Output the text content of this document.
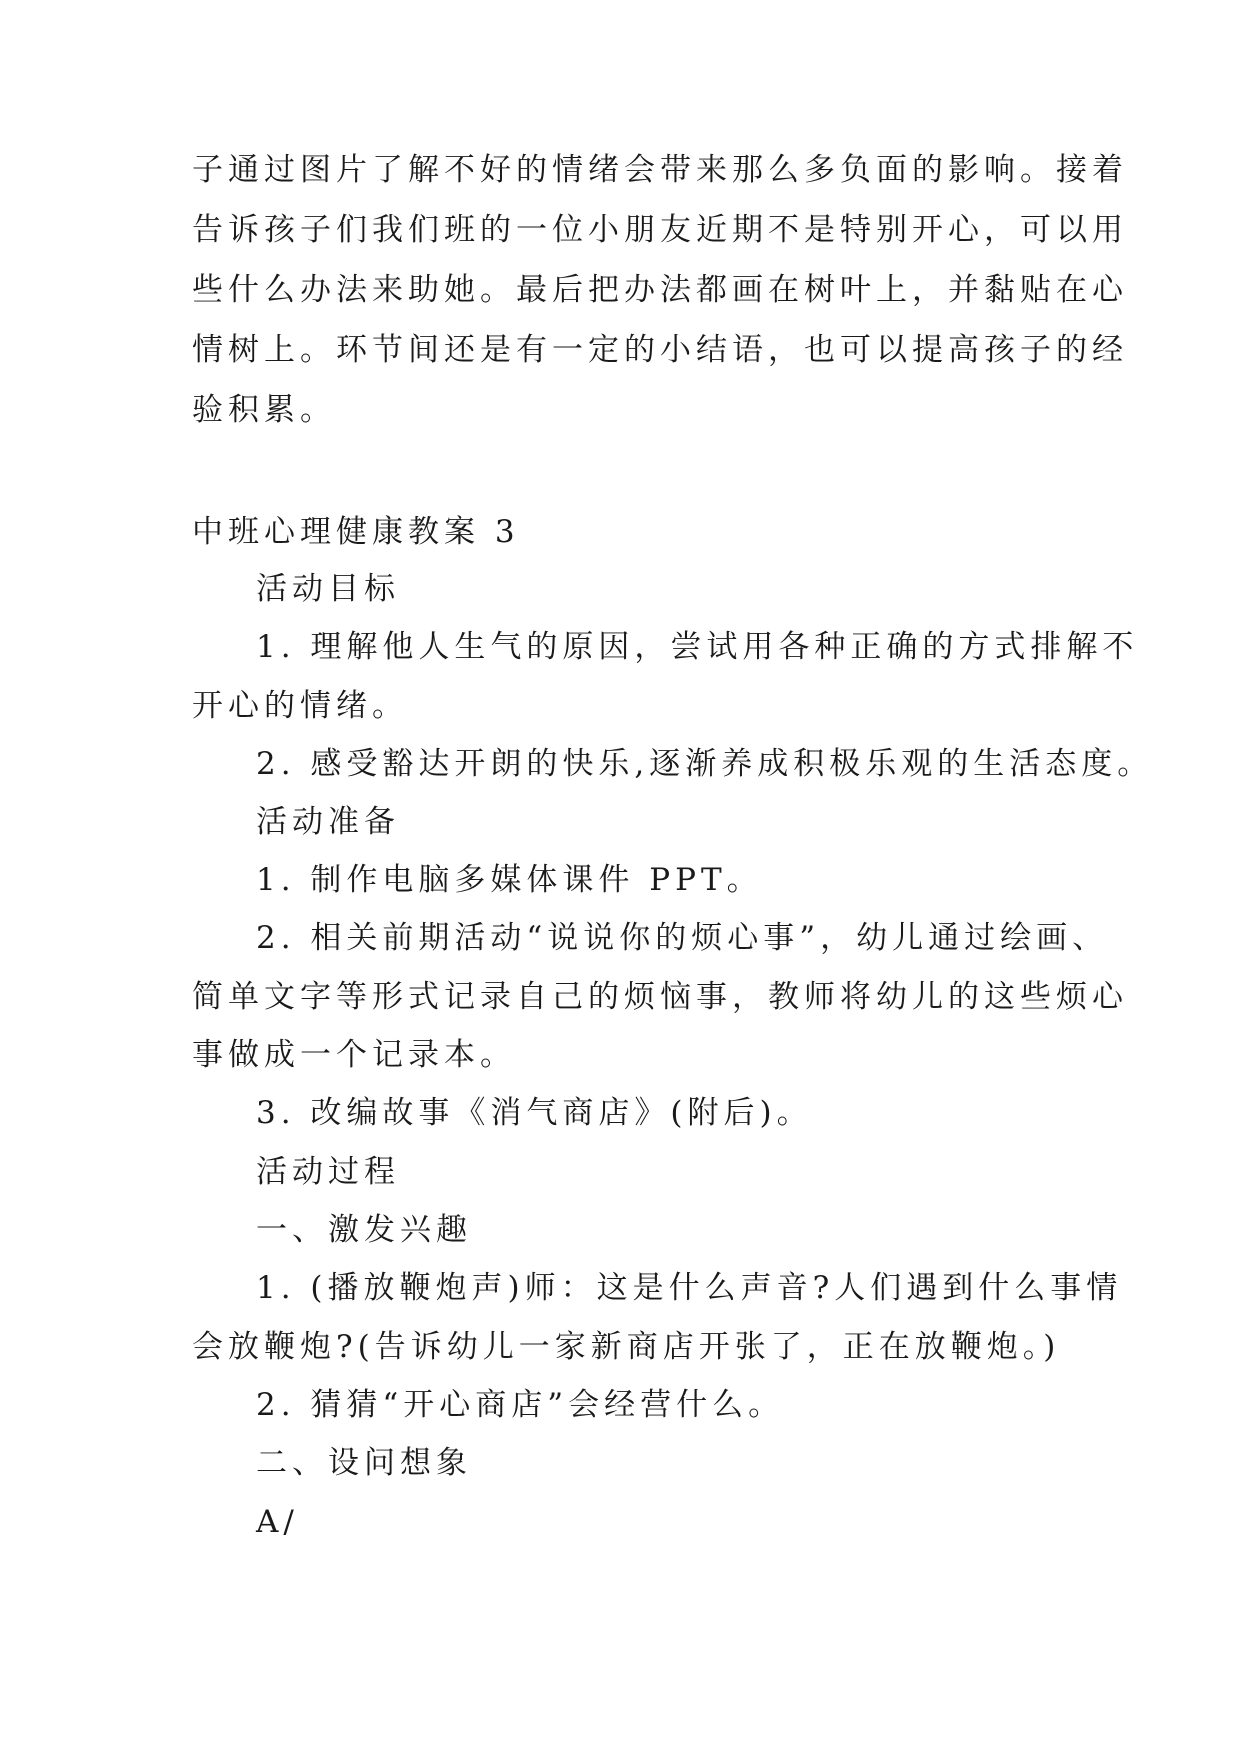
子通过图片了解不好的情绪会带来那么多负面的影响。接着
告诉孩子们我们班的一位小朋友近期不是特别开心，可以用
些什么办法来助她。最后把办法都画在树叶上，并黏贴在心
情树上。环节间还是有一定的小结语，也可以提高孩子的经
验积累。
中班心理健康教案 3
活动目标
1. 理解他人生气的原因，尝试用各种正确的方式排解不
开心的情绪。
2. 感受豁达开朗的快乐,逐渐养成积极乐观的生活态度。
活动准备
1. 制作电脑多媒体课件 PPT。
2. 相关前期活动“说说你的烦心事”，幼儿通过绘画、
简单文字等形式记录自己的烦恼事，教师将幼儿的这些烦心
事做成一个记录本。
3. 改编故事《消气商店》(附后)。
活动过程
一、激发兴趣
1. (播放鞭炮声)师：这是什么声音?人们遇到什么事情
会放鞭炮?(告诉幼儿一家新商店开张了，正在放鞭炮。)
2. 猜猜“开心商店”会经营什么。
二、设问想象
A/
